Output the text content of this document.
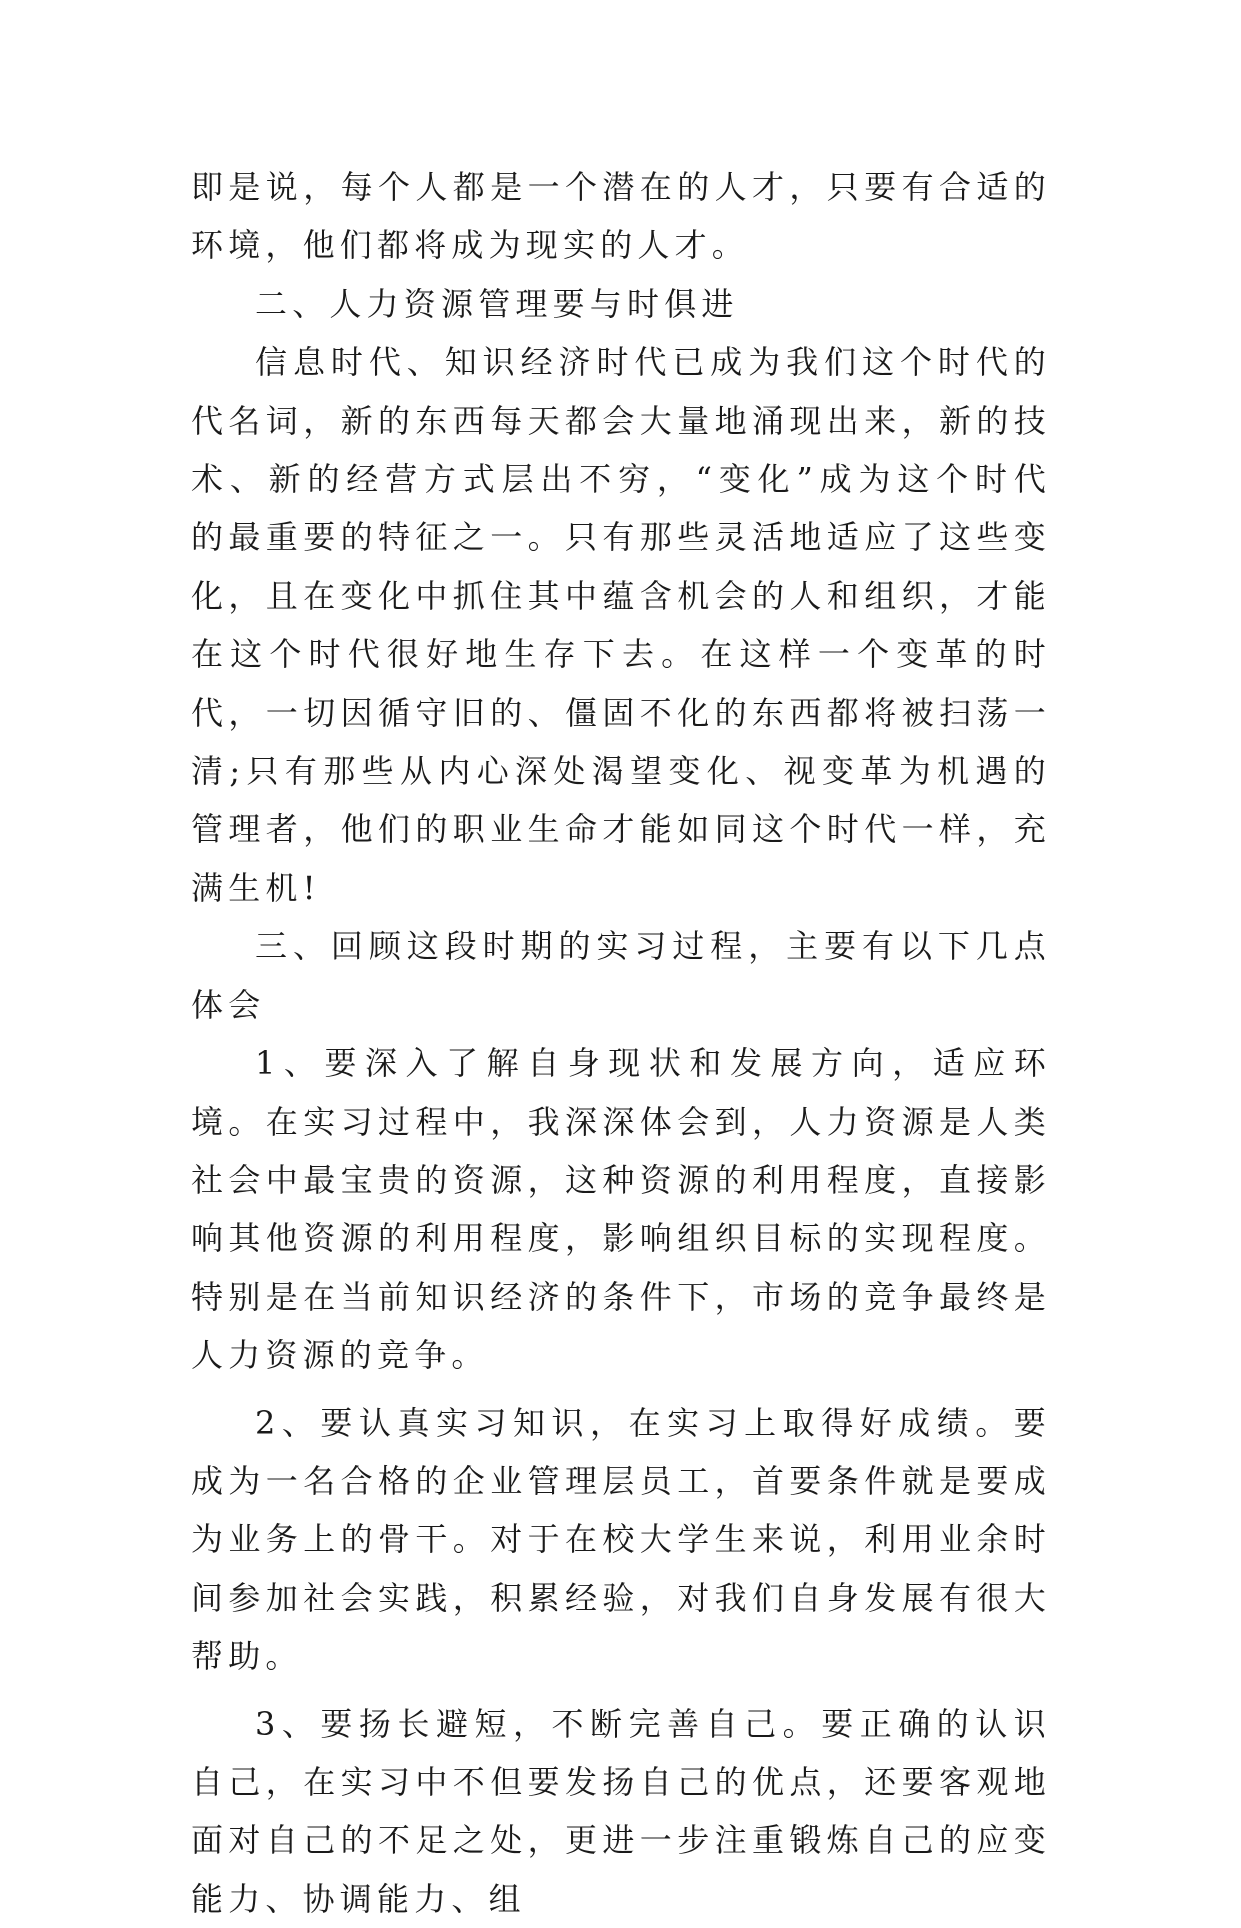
即是说，每个人都是一个潜在的人才，只要有合适的环境，他们都将成为现实的人才。

二、人力资源管理要与时俱进

信息时代、知识经济时代已成为我们这个时代的代名词，新的东西每天都会大量地涌现出来，新的技术、新的经营方式层出不穷，“变化”成为这个时代的最重要的特征之一。只有那些灵活地适应了这些变化，且在变化中抓住其中蕴含机会的人和组织，才能在这个时代很好地生存下去。在这样一个变革的时代，一切因循守旧的、僵固不化的东西都将被扫荡一清;只有那些从内心深处渴望变化、视变革为机遇的管理者，他们的职业生命才能如同这个时代一样，充满生机!

三、回顾这段时期的实习过程，主要有以下几点体会

1、要深入了解自身现状和发展方向，适应环境。在实习过程中，我深深体会到，人力资源是人类社会中最宝贵的资源，这种资源的利用程度，直接影响其他资源的利用程度，影响组织目标的实现程度。特别是在当前知识经济的条件下，市场的竞争最终是人力资源的竞争。

2、要认真实习知识，在实习上取得好成绩。要成为一名合格的企业管理层员工，首要条件就是要成为业务上的骨干。对于在校大学生来说，利用业余时间参加社会实践，积累经验，对我们自身发展有很大帮助。

3、要扬长避短，不断完善自己。要正确的认识自己，在实习中不但要发扬自己的优点，还要客观地面对自己的不足之处，更进一步注重锻炼自己的应变能力、协调能力、组
